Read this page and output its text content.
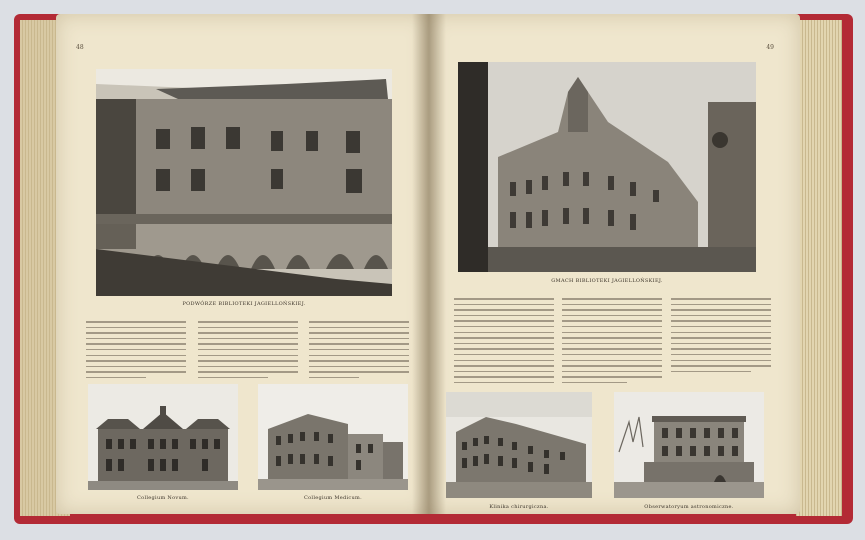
48
PODWÓRZE BIBLIOTEKI JAGIELLOŃSKIEJ.
Collegium Novum.	Collegium Medicum.
49
GMACH BIBLIOTEKI JAGIELLOŃSKIEJ.
Klinika chirurgiczna.	Obserwatoryum astronomiczne.
